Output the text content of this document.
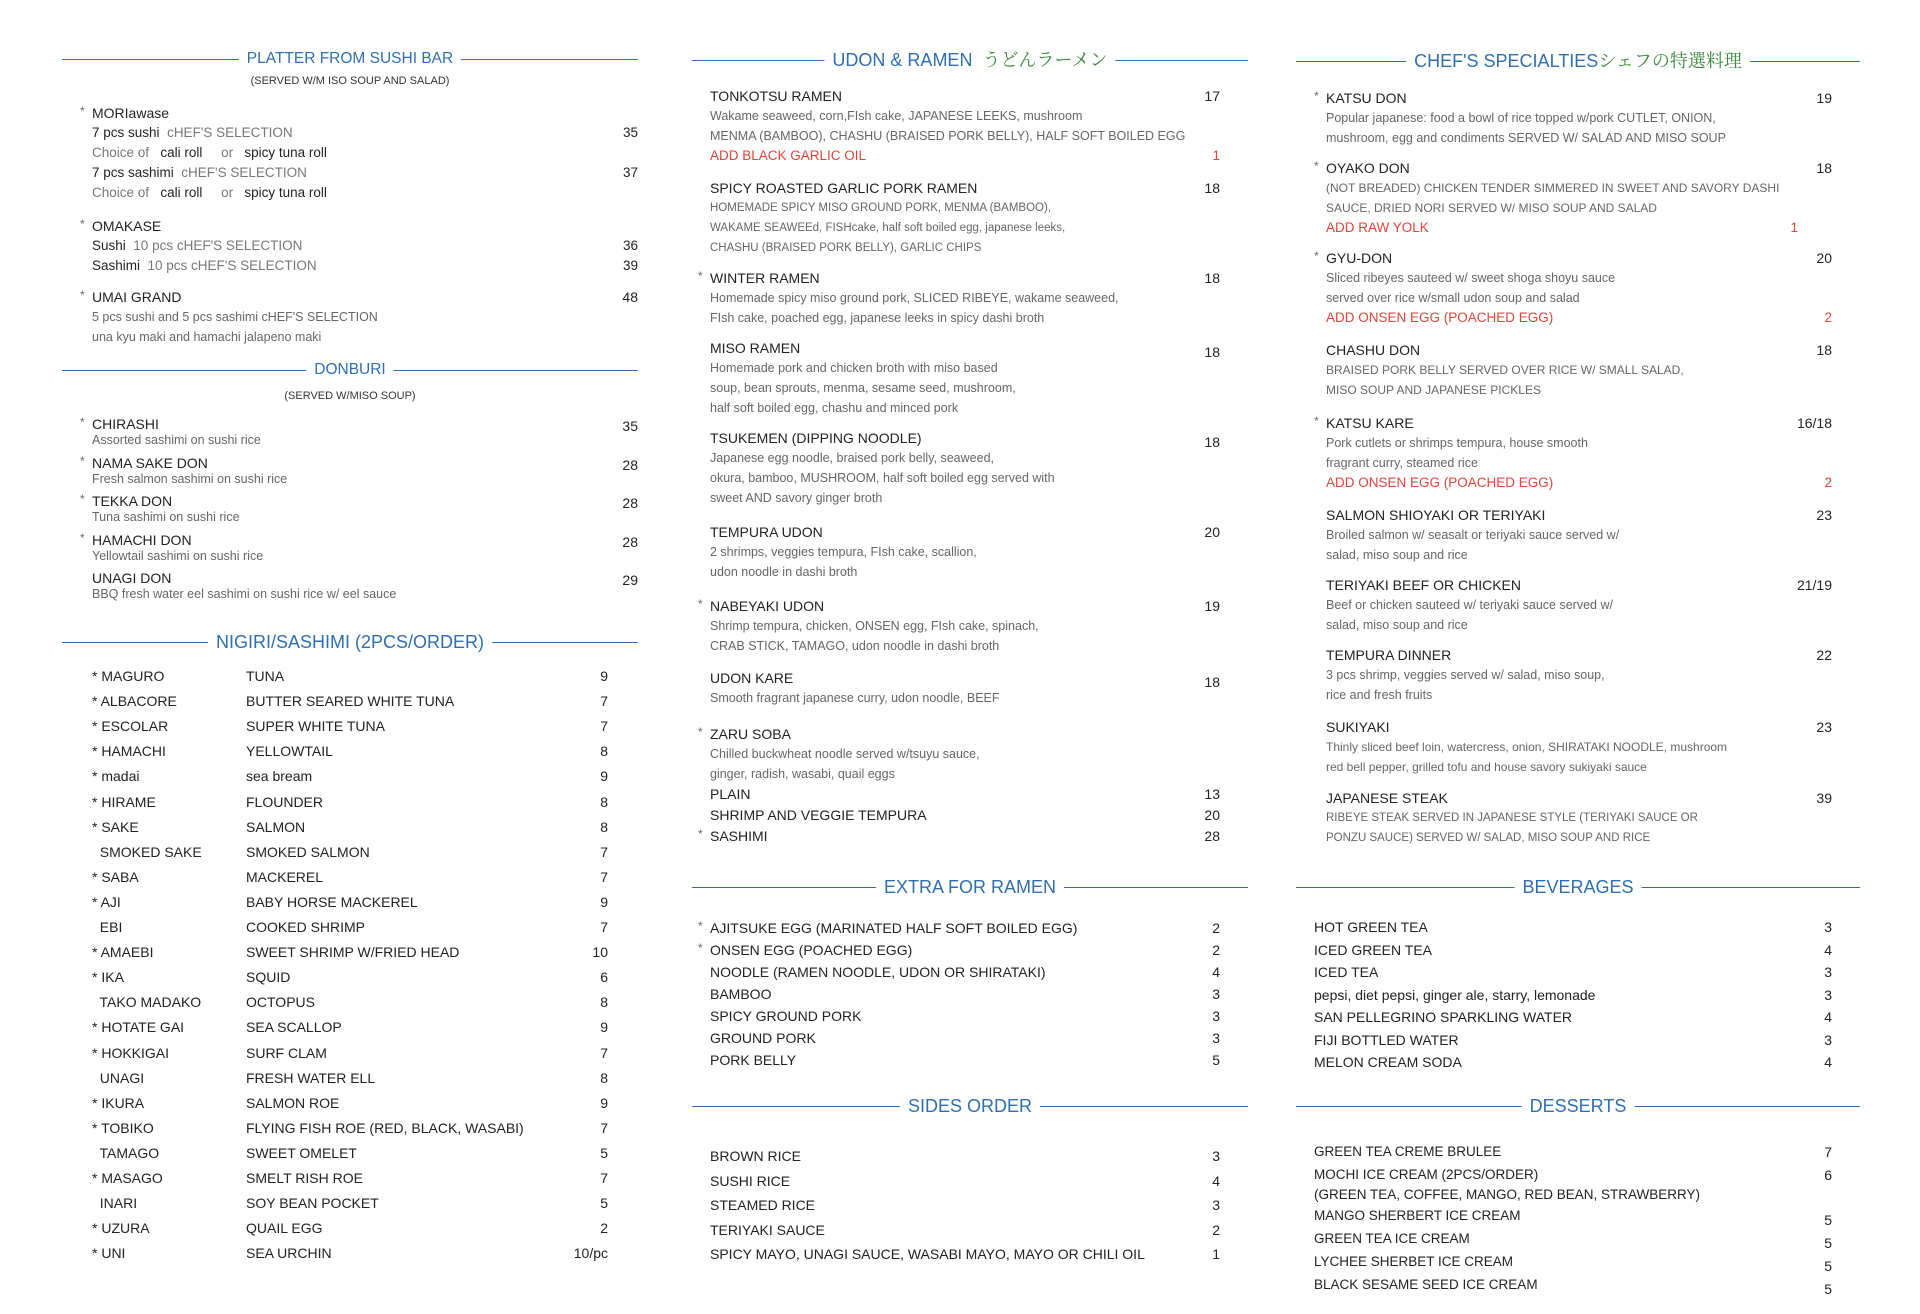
PLATTER FROM SUSHI BAR
(SERVED W/M ISO SOUP AND SALAD)
* MORIawase
7 pcs sushi cHEF'S SELECTION	35
Choice of cali roll or spicy tuna roll
7 pcs sashimi cHEF'S SELECTION	37
Choice of cali roll or spicy tuna roll
* OMAKASE
Sushi 10 pcs cHEF'S SELECTION	36
Sashimi 10 pcs cHEF'S SELECTION	39
* UMAI GRAND	48
5 pcs sushi and 5 pcs sashimi cHEF'S SELECTION
una kyu maki and hamachi jalapeno maki
DONBURI
(SERVED W/MISO SOUP)
* CHIRASHI	35
Assorted sashimi on sushi rice
* NAMA SAKE DON	28
Fresh salmon sashimi on sushi rice
* TEKKA DON	28
Tuna sashimi on sushi rice
* HAMACHI DON	28
Yellowtail sashimi on sushi rice
UNAGI DON	29
BBQ fresh water eel sashimi on sushi rice w/ eel sauce
NIGIRI/SASHIMI (2PCS/ORDER)
* MAGURO	TUNA	9
* ALBACORE	BUTTER SEARED WHITE TUNA	7
* ESCOLAR	SUPER WHITE TUNA	7
* HAMACHI	YELLOWTAIL	8
* madai	sea bream	9
* HIRAME	FLOUNDER	8
* SAKE	SALMON	8
SMOKED SAKE	SMOKED SALMON	7
* SABA	MACKEREL	7
* AJI	BABY HORSE MACKEREL	9
EBI	COOKED SHRIMP	7
* AMAEBI	SWEET SHRIMP W/FRIED HEAD	10
* IKA	SQUID	6
TAKO MADAKO	OCTOPUS	8
* HOTATE GAI	SEA SCALLOP	9
* HOKKIGAI	SURF CLAM	7
UNAGI	FRESH WATER ELL	8
* IKURA	SALMON ROE	9
* TOBIKO	FLYING FISH ROE (RED, BLACK, WASABI)	7
TAMAGO	SWEET OMELET	5
* MASAGO	SMELT RISH ROE	7
INARI	SOY BEAN POCKET	5
* UZURA	QUAIL EGG	2
* UNI	SEA URCHIN	10/pc
UDON & RAMEN うどんラーメン
TONKOTSU RAMEN	17
Wakame seaweed, corn,FIsh cake, JAPANESE LEEKS, mushroom
MENMA (BAMBOO), CHASHU (BRAISED PORK BELLY), HALF SOFT BOILED EGG
ADD BLACK GARLIC OIL	1
SPICY ROASTED GARLIC PORK RAMEN	18
HOMEMADE SPICY MISO GROUND PORK, MENMA (BAMBOO),
WAKAME SEAWEEd, FISHcake, half soft boiled egg, japanese leeks,
CHASHU (BRAISED PORK BELLY), GARLIC CHIPS
* WINTER RAMEN	18
Homemade spicy miso ground pork, SLICED RIBEYE, wakame seaweed,
FIsh cake, poached egg, japanese leeks in spicy dashi broth
MISO RAMEN	18
Homemade pork and chicken broth with miso based
soup, bean sprouts, menma, sesame seed, mushroom,
half soft boiled egg, chashu and minced pork
TSUKEMEN (DIPPING NOODLE)	18
Japanese egg noodle, braised pork belly, seaweed,
okura, bamboo, MUSHROOM, half soft boiled egg served with
sweet AND savory ginger broth
TEMPURA UDON	20
2 shrimps, veggies tempura, FIsh cake, scallion,
udon noodle in dashi broth
* NABEYAKI UDON	19
Shrimp tempura, chicken, ONSEN egg, FIsh cake, spinach,
CRAB STICK, TAMAGO, udon noodle in dashi broth
UDON KARE	18
Smooth fragrant japanese curry, udon noodle, BEEF
* ZARU SOBA
Chilled buckwheat noodle served w/tsuyu sauce,
ginger, radish, wasabi, quail eggs
PLAIN	13
SHRIMP AND VEGGIE TEMPURA	20
* SASHIMI	28
EXTRA FOR RAMEN
* AJITSUKE EGG (MARINATED HALF SOFT BOILED EGG)	2
* ONSEN EGG (POACHED EGG)	2
NOODLE (RAMEN NOODLE, UDON OR SHIRATAKI)	4
BAMBOO	3
SPICY GROUND PORK	3
GROUND PORK	3
PORK BELLY	5
SIDES ORDER
BROWN RICE	3
SUSHI RICE	4
STEAMED RICE	3
TERIYAKI SAUCE	2
SPICY MAYO, UNAGI SAUCE, WASABI MAYO, MAYO OR CHILI OIL	1
CHEF'S SPECIALTIESシェフの特選料理
* KATSU DON	19
Popular japanese: food a bowl of rice topped w/pork CUTLET, ONION,
mushroom, egg and condiments SERVED W/ SALAD AND MISO SOUP
* OYAKO DON	18
(NOT BREADED) CHICKEN TENDER SIMMERED IN SWEET AND SAVORY DASHI
SAUCE, DRIED NORI SERVED W/ MISO SOUP AND SALAD
ADD RAW YOLK	1
* GYU-DON	20
Sliced ribeyes sauteed w/ sweet shoga shoyu sauce
served over rice w/small udon soup and salad
ADD ONSEN EGG (POACHED EGG)	2
CHASHU DON	18
BRAISED PORK BELLY SERVED OVER RICE W/ SMALL SALAD,
MISO SOUP AND JAPANESE PICKLES
* KATSU KARE	16/18
Pork cutlets or shrimps tempura, house smooth
fragrant curry, steamed rice
ADD ONSEN EGG (POACHED EGG)	2
SALMON SHIOYAKI OR TERIYAKI	23
Broiled salmon w/ seasalt or teriyaki sauce served w/
salad, miso soup and rice
TERIYAKI BEEF OR CHICKEN	21/19
Beef or chicken sauteed w/ teriyaki sauce served w/
salad, miso soup and rice
TEMPURA DINNER	22
3 pcs shrimp, veggies served w/ salad, miso soup,
rice and fresh fruits
SUKIYAKI	23
Thinly sliced beef loin, watercress, onion, SHIRATAKI NOODLE, mushroom
red bell pepper, grilled tofu and house savory sukiyaki sauce
JAPANESE STEAK	39
RIBEYE STEAK SERVED IN JAPANESE STYLE (TERIYAKI SAUCE OR
PONZU SAUCE) SERVED W/ SALAD, MISO SOUP AND RICE
BEVERAGES
HOT GREEN TEA	3
ICED GREEN TEA	4
ICED TEA	3
pepsi, diet pepsi, ginger ale, starry, lemonade	3
SAN PELLEGRINO SPARKLING WATER	4
FIJI BOTTLED WATER	3
MELON CREAM SODA	4
DESSERTS
GREEN TEA CREME BRULEE	7
MOCHI ICE CREAM (2PCS/ORDER)	6
(GREEN TEA, COFFEE, MANGO, RED BEAN, STRAWBERRY)
MANGO SHERBERT ICE CREAM	5
GREEN TEA ICE CREAM	5
LYCHEE SHERBET ICE CREAM	5
BLACK SESAME SEED ICE CREAM	5
